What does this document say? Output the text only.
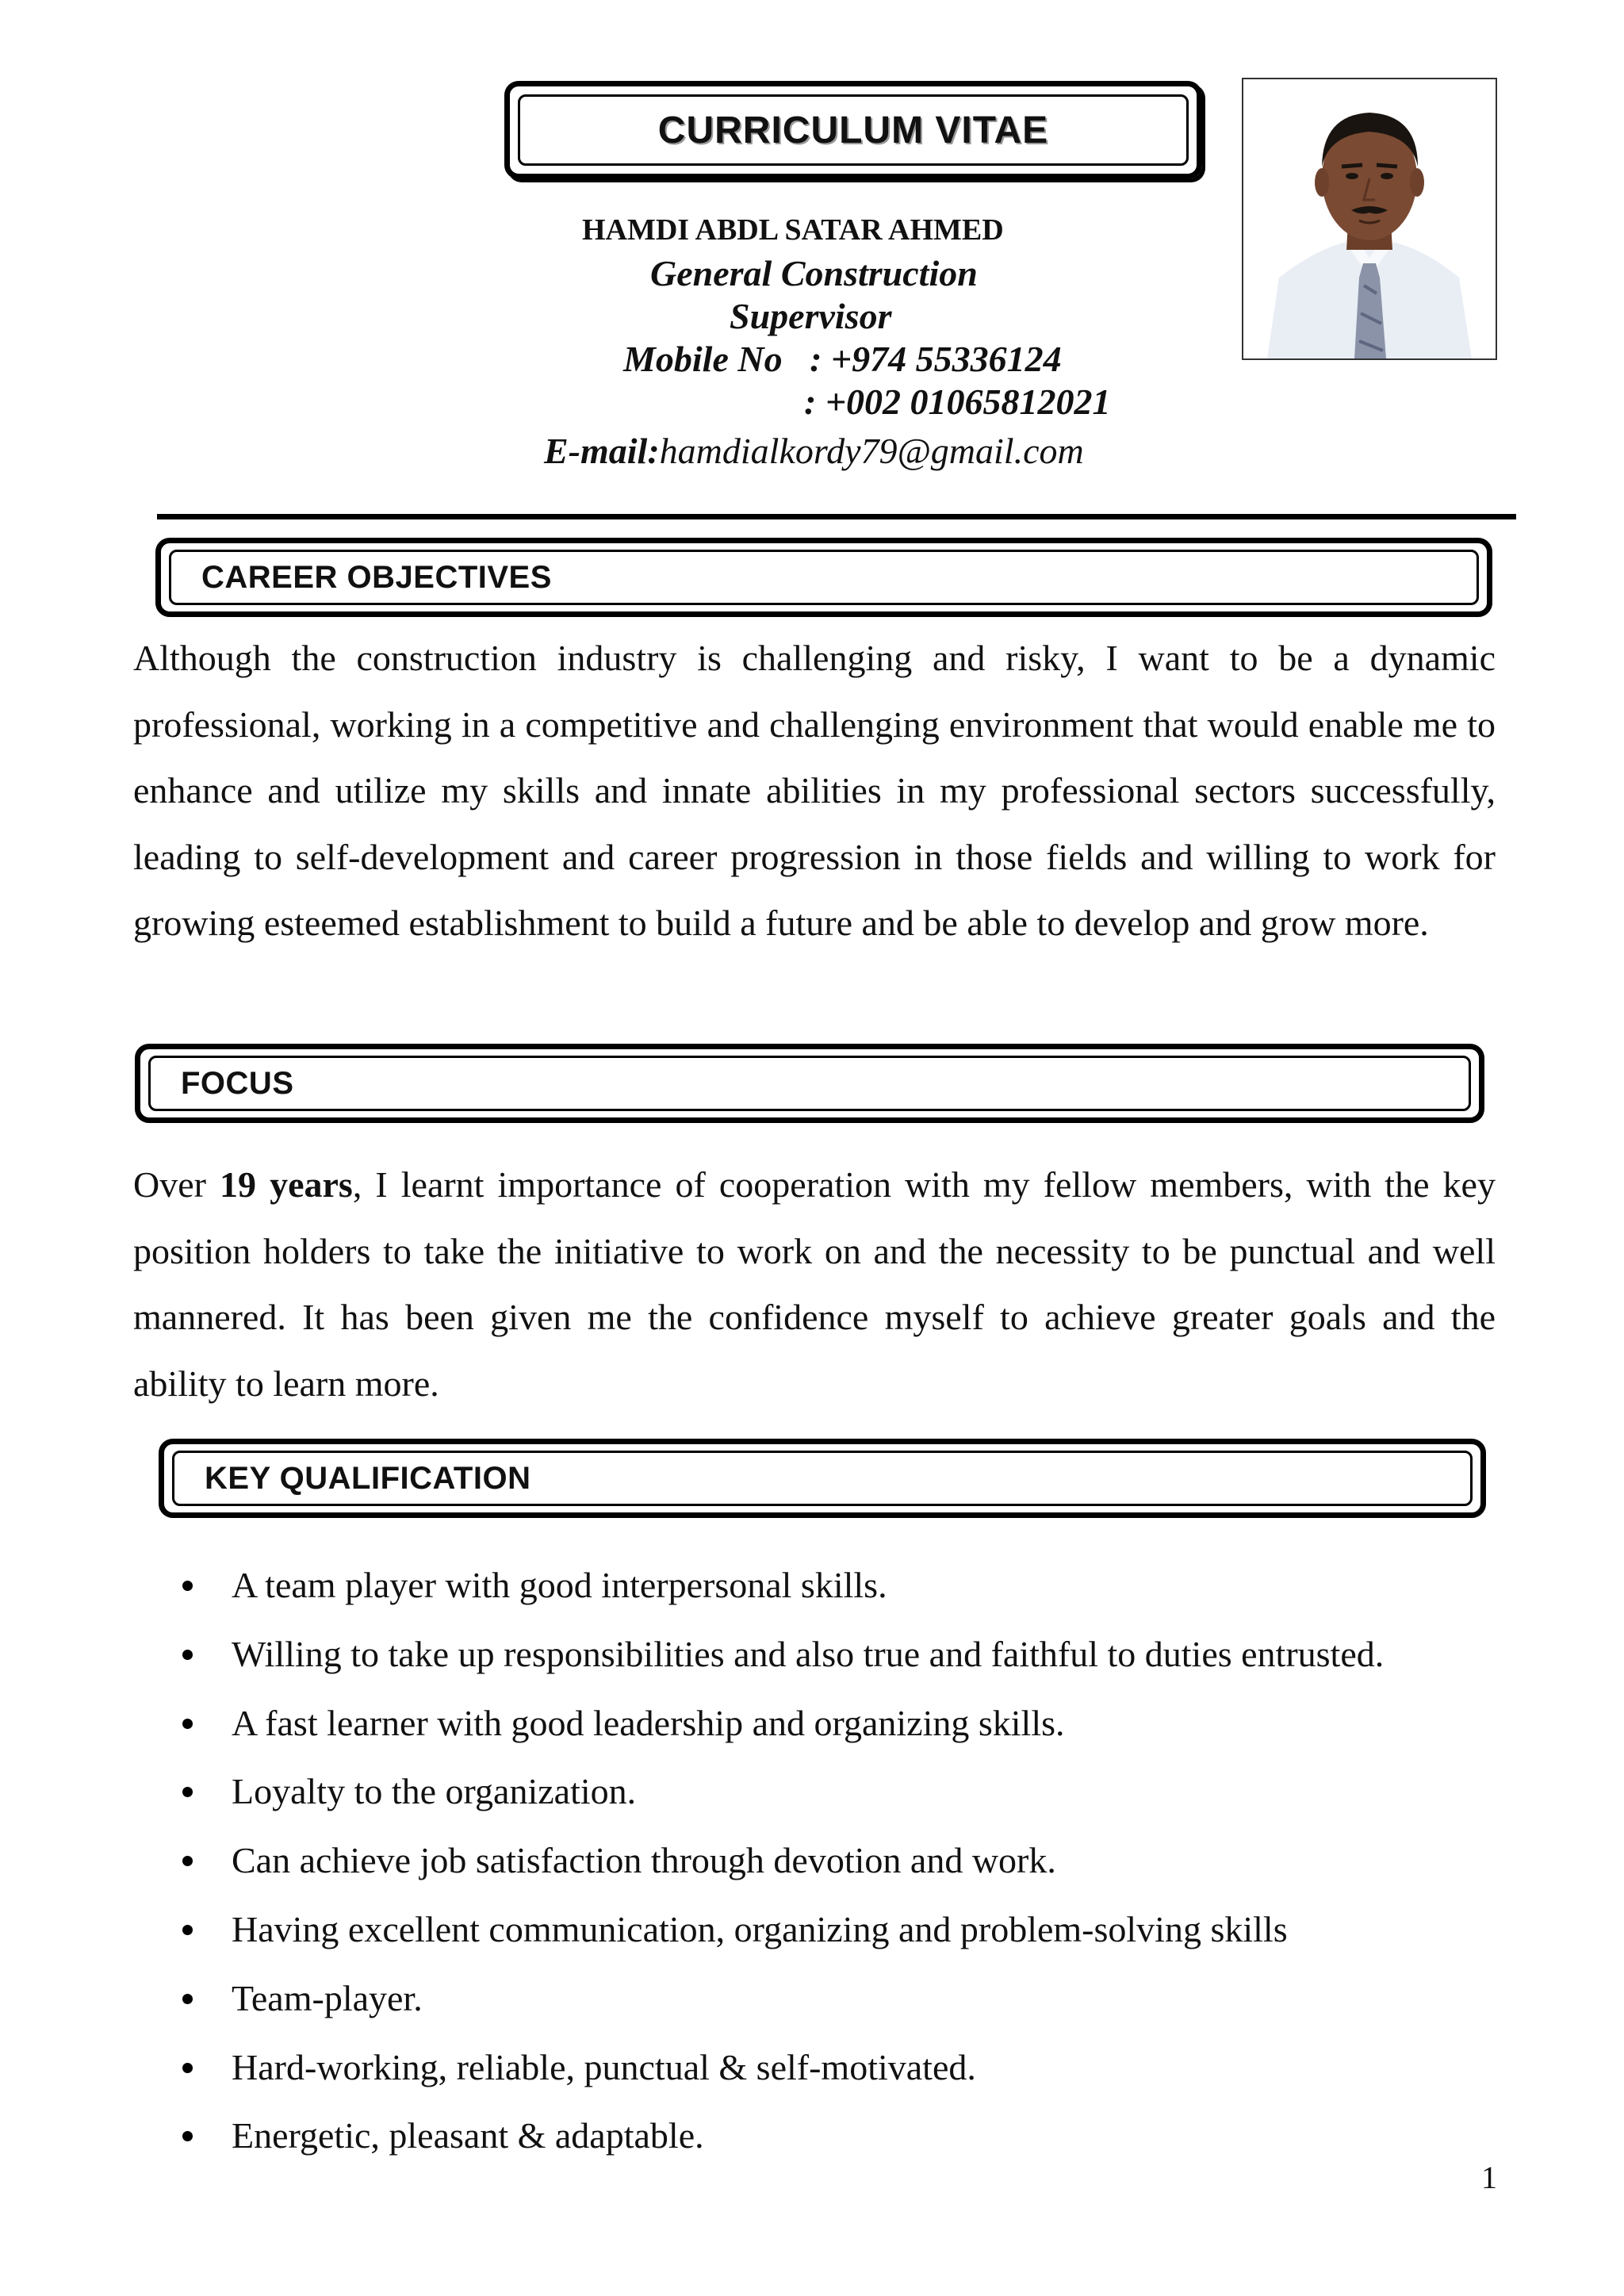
CURRICULUM VITAE
HAMDI ABDL SATAR AHMED
General Construction
Supervisor
Mobile No : +974 55336124
: +002 01065812021
E-mail:hamdialkordy79@gmail.com
CAREER OBJECTIVES
Although the construction industry is challenging and risky, I want to be a dynamic professional, working in a competitive and challenging environment that would enable me to enhance and utilize my skills and innate abilities in my professional sectors successfully, leading to self-development and career progression in those fields and willing to work for growing esteemed establishment to build a future and be able to develop and grow more.
FOCUS
Over 19 years, I learnt importance of cooperation with my fellow members, with the key position holders to take the initiative to work on and the necessity to be punctual and well mannered. It has been given me the confidence myself to achieve greater goals and the ability to learn more.
KEY QUALIFICATION
A team player with good interpersonal skills.
Willing to take up responsibilities and also true and faithful to duties entrusted.
A fast learner with good leadership and organizing skills.
Loyalty to the organization.
Can achieve job satisfaction through devotion and work.
Having excellent communication, organizing and problem-solving skills
Team-player.
Hard-working, reliable, punctual & self-motivated.
Energetic, pleasant & adaptable.
1
